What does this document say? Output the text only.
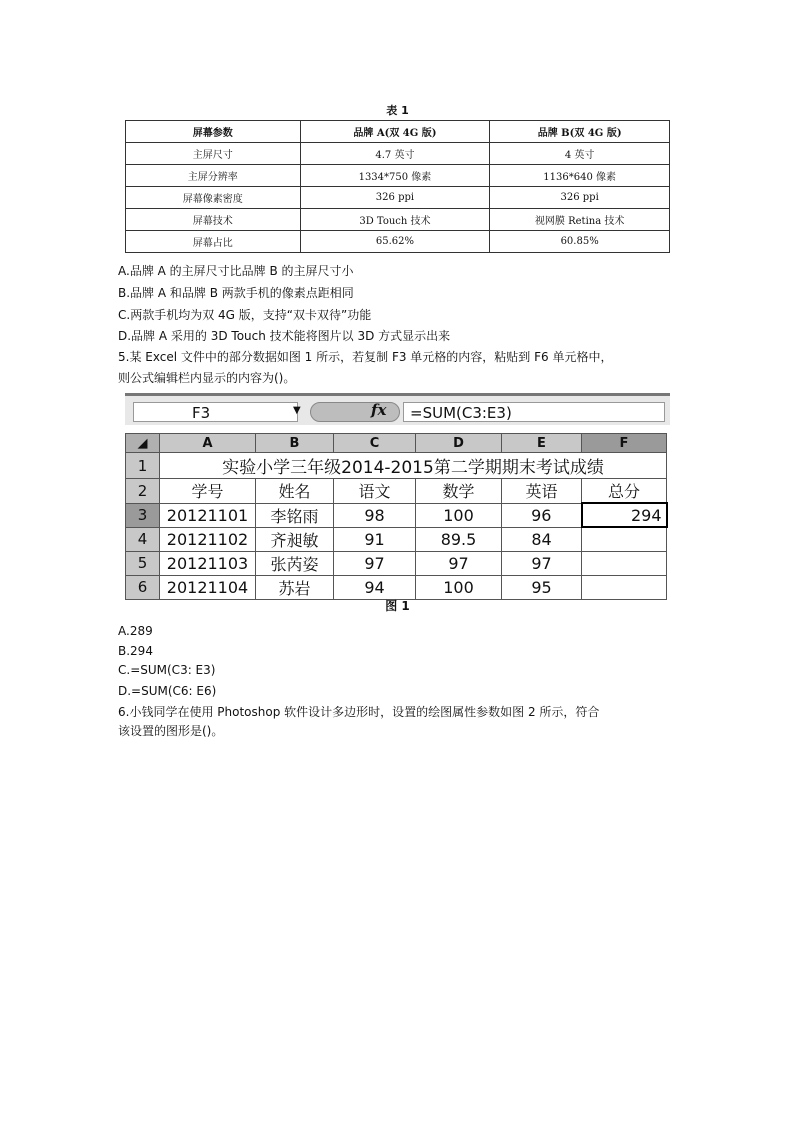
表 1
屏幕参数	品牌 A(双 4G 版)	品牌 B(双 4G 版)
主屏尺寸	4.7 英寸	4 英寸
主屏分辨率	1334*750 像素	1136*640 像素
屏幕像素密度	326 ppi	326 ppi
屏幕技术	3D Touch 技术	视网膜 Retina 技术
屏幕占比	65.62%	60.85%
A.品牌 A 的主屏尺寸比品牌 B 的主屏尺寸小
B.品牌 A 和品牌 B 两款手机的像素点距相同
C.两款手机均为双 4G 版，支持“双卡双待”功能
D.品牌 A 采用的 3D Touch 技术能将图片以 3D 方式显示出来
5.某 Excel 文件中的部分数据如图 1 所示，若复制 F3 单元格的内容，粘贴到 F6 单元格中，
则公式编辑栏内显示的内容为()。
F3	▼	fx	=SUM(C3:E3)
◢	A	B	C	D	E	F
1	实验小学三年级2014-2015第二学期期末考试成绩					
2	学号	姓名	语文	数学	英语	总分
3	20121101	李铭雨	98	100	96	294
4	20121102	齐昶敏	91	89.5	84	
5	20121103	张芮姿	97	97	97	
6	20121104	苏岩	94	100	95	
图 1
A.289
B.294
C.=SUM(C3: E3)
D.=SUM(C6: E6)
6.小钱同学在使用 Photoshop 软件设计多边形时，设置的绘图属性参数如图 2 所示，符合
该设置的图形是()。
